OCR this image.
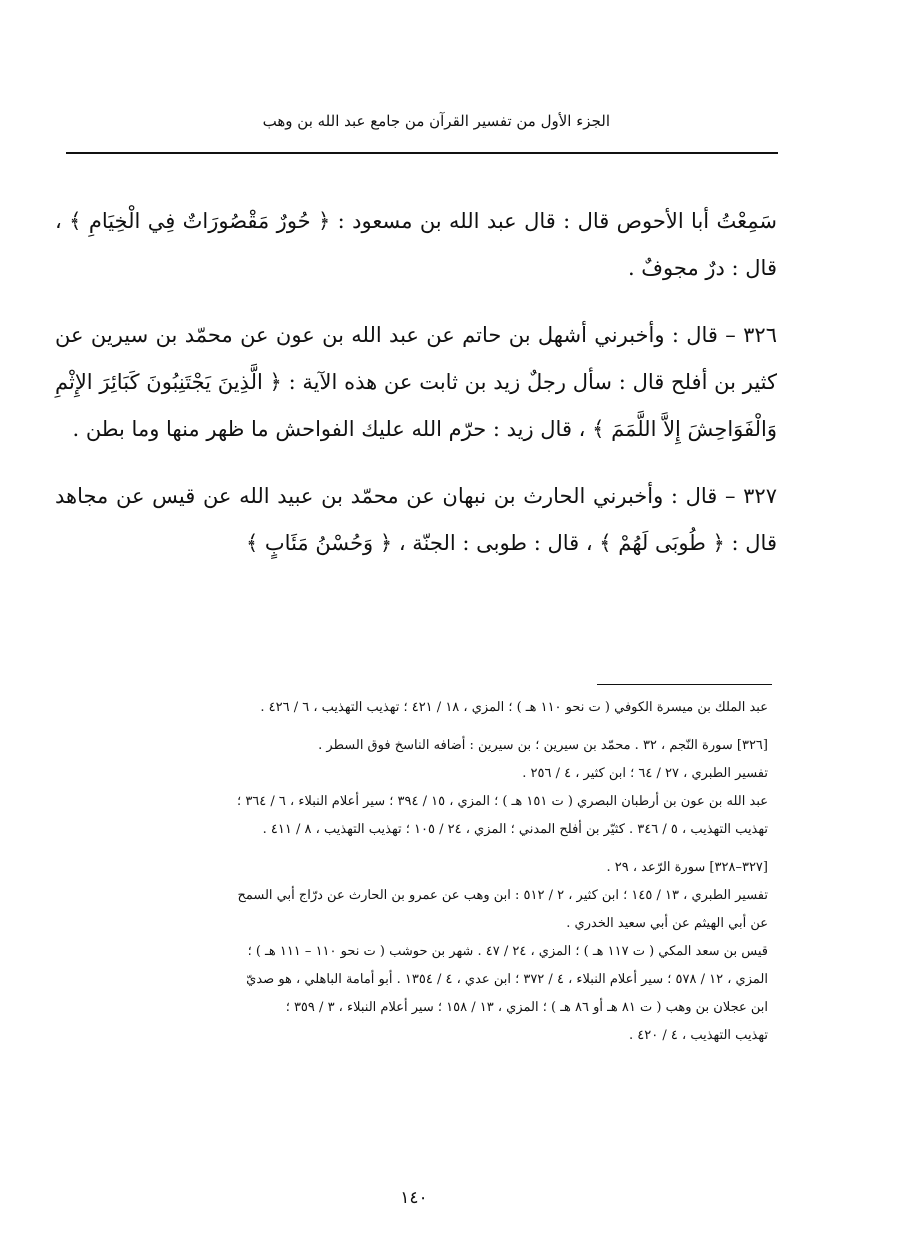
الجزء الأول من تفسير القرآن من جامع عبد الله بن وهب

سَمِعْتُ أبا الأحوص قال : قال عبد الله بن مسعود : ﴿ حُورٌ مَقْصُورَاتٌ فِي الْخِيَامِ ﴾ ، قال : درٌ مجوفٌ .

٣٢٦ – قال : وأخبرني أشهل بن حاتم عن عبد الله بن عون عن محمّد بن سيرين عن كثير بن أفلح قال : سأل رجلٌ زيد بن ثابت عن هذه الآية : ﴿ الَّذِينَ يَجْتَنِبُونَ كَبَائِرَ الإِثْمِ وَالْفَوَاحِشَ إِلاَّ اللَّمَمَ ﴾ ، قال زيد : حرّم الله عليك الفواحش ما ظهر منها وما بطن .

٣٢٧ – قال : وأخبرني الحارث بن نبهان عن محمّد بن عبيد الله عن قيس عن مجاهد قال : ﴿ طُوبَى لَهُمْ ﴾ ، قال : طوبى : الجنّة ، ﴿ وَحُسْنُ مَئَابٍ ﴾

عبد الملك بن ميسرة الكوفي ( ت نحو ١١٠ هـ ) ؛ المزي ، ١٨ / ٤٢١ ؛ تهذيب التهذيب ، ٦ / ٤٢٦ .

[٣٢٦] سورة النّجم ، ٣٢ . محمّد بن سيرين ؛ بن سيرين : أضافه الناسخ فوق السطر .

تفسير الطبري ، ٢٧ / ٦٤ ؛ ابن كثير ، ٤ / ٢٥٦ .

عبد الله بن عون بن أرطبان البصري ( ت ١٥١ هـ ) ؛ المزي ، ١٥ / ٣٩٤ ؛ سير أعلام النبلاء ، ٦ / ٣٦٤ ؛

تهذيب التهذيب ، ٥ / ٣٤٦ . كثيّر بن أفلح المدني ؛ المزي ، ٢٤ / ١٠٥ ؛ تهذيب التهذيب ، ٨ / ٤١١ .

[٣٢٧–٣٢٨] سورة الرّعد ، ٢٩ .

تفسير الطبري ، ١٣ / ١٤٥ ؛ ابن كثير ، ٢ / ٥١٢ : ابن وهب عن عمرو بن الحارث عن درّاج أبي السمح

عن أبي الهيثم عن أبي سعيد الخدري .

قيس بن سعد المكي ( ت ١١٧ هـ ) ؛ المزي ، ٢٤ / ٤٧ . شهر بن حوشب ( ت نحو ١١٠ – ١١١ هـ ) ؛

المزي ، ١٢ / ٥٧٨ ؛ سير أعلام النبلاء ، ٤ / ٣٧٢ ؛ ابن عدي ، ٤ / ١٣٥٤ . أبو أمامة الباهلي ، هو صديّ

ابن عجلان بن وهب ( ت ٨١ هـ أو ٨٦ هـ ) ؛ المزي ، ١٣ / ١٥٨ ؛ سير أعلام النبلاء ، ٣ / ٣٥٩ ؛

تهذيب التهذيب ، ٤ / ٤٢٠ .

١٤٠
